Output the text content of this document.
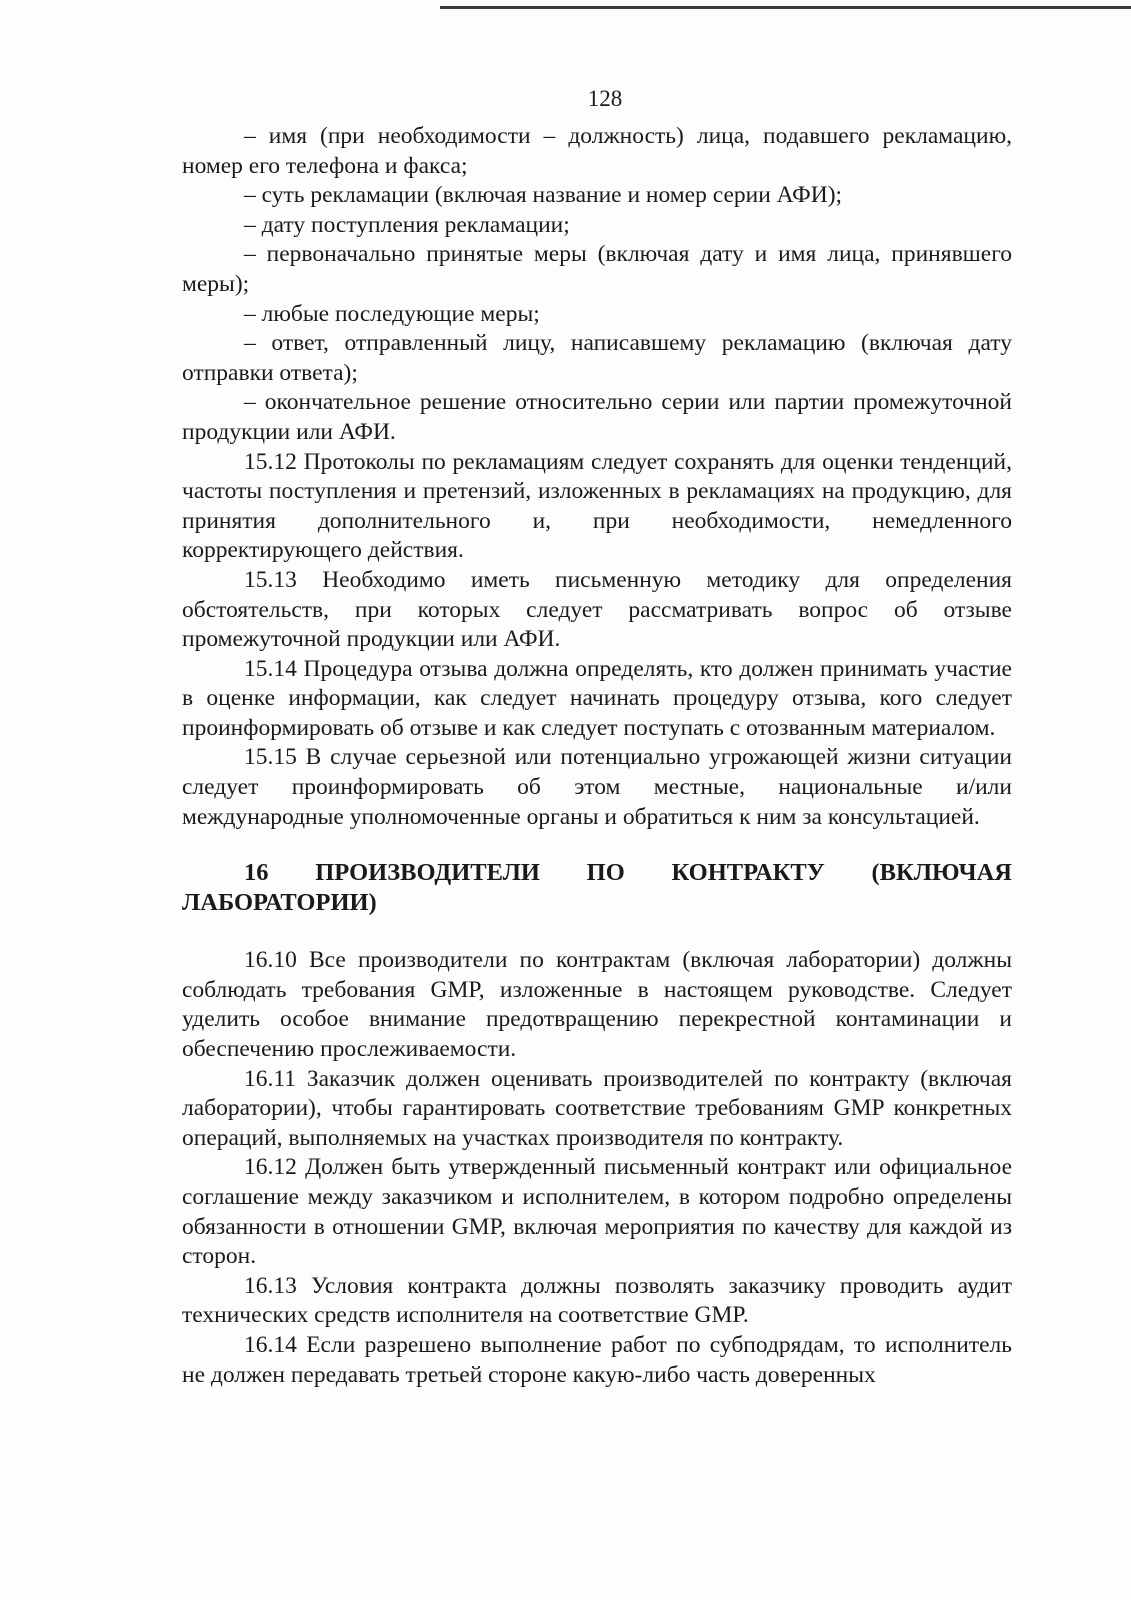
128

– имя (при необходимости – должность) лица, подавшего рекламацию, номер его телефона и факса;

– суть рекламации (включая название и номер серии АФИ);

– дату поступления рекламации;

– первоначально принятые меры (включая дату и имя лица, принявшего меры);

– любые последующие меры;

– ответ, отправленный лицу, написавшему рекламацию (включая дату отправки ответа);

– окончательное решение относительно серии или партии промежуточной продукции или АФИ.

15.12 Протоколы по рекламациям следует сохранять для оценки тенденций, частоты поступления и претензий, изложенных в рекламациях на продукцию, для принятия дополнительного и, при необходимости, немедленного корректирующего действия.

15.13 Необходимо иметь письменную методику для определения обстоятельств, при которых следует рассматривать вопрос об отзыве промежуточной продукции или АФИ.

15.14 Процедура отзыва должна определять, кто должен принимать участие в оценке информации, как следует начинать процедуру отзыва, кого следует проинформировать об отзыве и как следует поступать с отозванным материалом.

15.15 В случае серьезной или потенциально угрожающей жизни ситуации следует проинформировать об этом местные, национальные и/или международные уполномоченные органы и обратиться к ним за консультацией.

16 ПРОИЗВОДИТЕЛИ ПО КОНТРАКТУ (ВКЛЮЧАЯ ЛАБОРАТОРИИ)

16.10 Все производители по контрактам (включая лаборатории) должны соблюдать требования GMP, изложенные в настоящем руководстве. Следует уделить особое внимание предотвращению перекрестной контаминации и обеспечению прослеживаемости.

16.11 Заказчик должен оценивать производителей по контракту (включая лаборатории), чтобы гарантировать соответствие требованиям GMP конкретных операций, выполняемых на участках производителя по контракту.

16.12 Должен быть утвержденный письменный контракт или официальное соглашение между заказчиком и исполнителем, в котором подробно определены обязанности в отношении GMP, включая мероприятия по качеству для каждой из сторон.

16.13 Условия контракта должны позволять заказчику проводить аудит технических средств исполнителя на соответствие GMP.

16.14 Если разрешено выполнение работ по субподрядам, то исполнитель не должен передавать третьей стороне какую-либо часть доверенных
